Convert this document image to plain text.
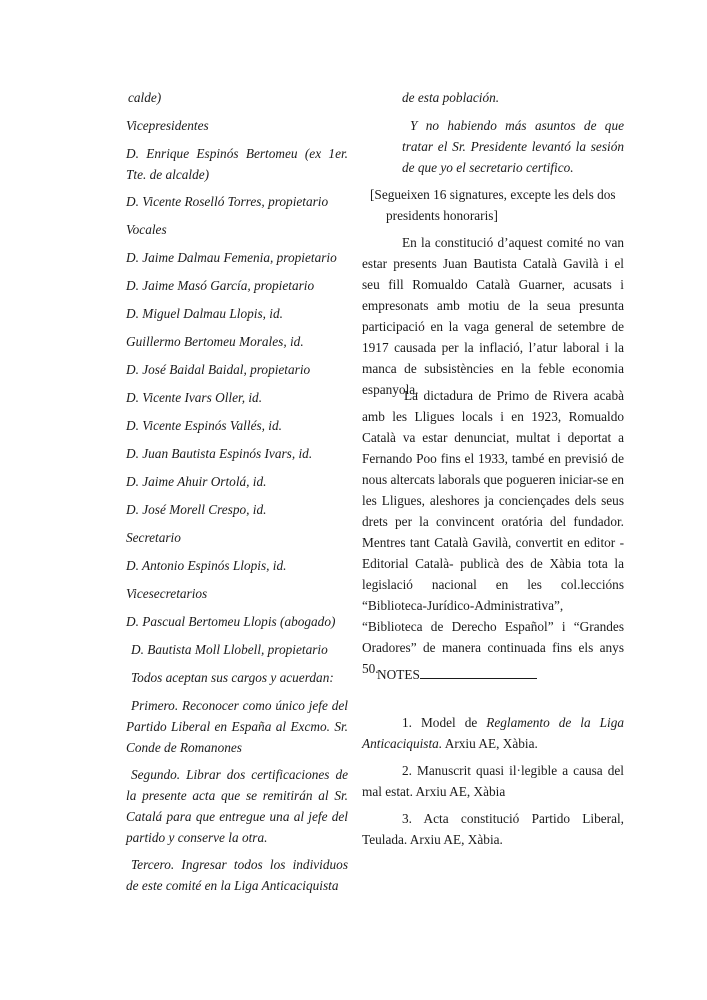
calde)

Vicepresidentes

D. Enrique Espinós Bertomeu (ex 1er. Tte. de alcalde)

D. Vicente Roselló Torres, propietario

Vocales

D. Jaime Dalmau Femenia, propietario

D. Jaime Masó García, propietario

D. Miguel Dalmau Llopis, id.

Guillermo Bertomeu Morales, id.

D. José Baidal Baidal, propietario

D. Vicente Ivars Oller, id.

D. Vicente Espinós Vallés, id.

D. Juan Bautista Espinós Ivars, id.

D. Jaime Ahuir Ortolá, id.

D. José Morell Crespo, id.

Secretario

D. Antonio Espinós Llopis, id.

Vicesecretarios

D. Pascual Bertomeu Llopis (abogado)

D. Bautista Moll Llobell, propietario

Todos aceptan sus cargos y acuerdan:

Primero. Reconocer como único jefe del Partido Liberal en España al Excmo. Sr. Conde de Romanones

Segundo. Librar dos certificaciones de la presente acta que se remitirán al Sr. Catalá para que entregue una al jefe del partido y conserve la otra.

Tercero. Ingresar todos los individuos de este comité en la Liga Anticaciquista

de esta población.

Y no habiendo más asuntos de que tratar el Sr. Presidente levantó la sesión de que yo el secretario certifico.

[Segueixen 16 signatures, excepte les dels dos presidents honoraris]

En la constitució d’aquest comité no van estar presents Juan Bautista Català Gavilà i el seu fill Romualdo Català Guarner, acusats i empresonats amb motiu de la seua presunta participació en la vaga general de setembre de 1917 causada per la inflació, l’atur laboral i la manca de subsistències en la feble economia espanyola.

La dictadura de Primo de Rivera acabà amb les Lligues locals i en 1923, Romualdo Català va estar denunciat, multat i deportat a Fernando Poo fins el 1933, també en previsió de nous altercats laborals que pogueren iniciar-se en les Lligues, aleshores ja concienҫades dels seus drets per la convincent oratória del fundador. Mentres tant Català Gavilà, convertit en editor -Editorial Català- publicà des de Xàbia tota la legislació nacional en les col.leccións “Biblioteca-Jurídico-Administrativa”, “Biblioteca de Derecho Español” i “Grandes Oradores” de manera continuada fins els anys 50.

NOTES

1. Model de Reglamento de la Liga Anticaciquista. Arxiu AE, Xàbia.

2. Manuscrit quasi il·legible a causa del mal estat. Arxiu AE, Xàbia

3. Acta constitució Partido Liberal, Teulada. Arxiu AE, Xàbia.
